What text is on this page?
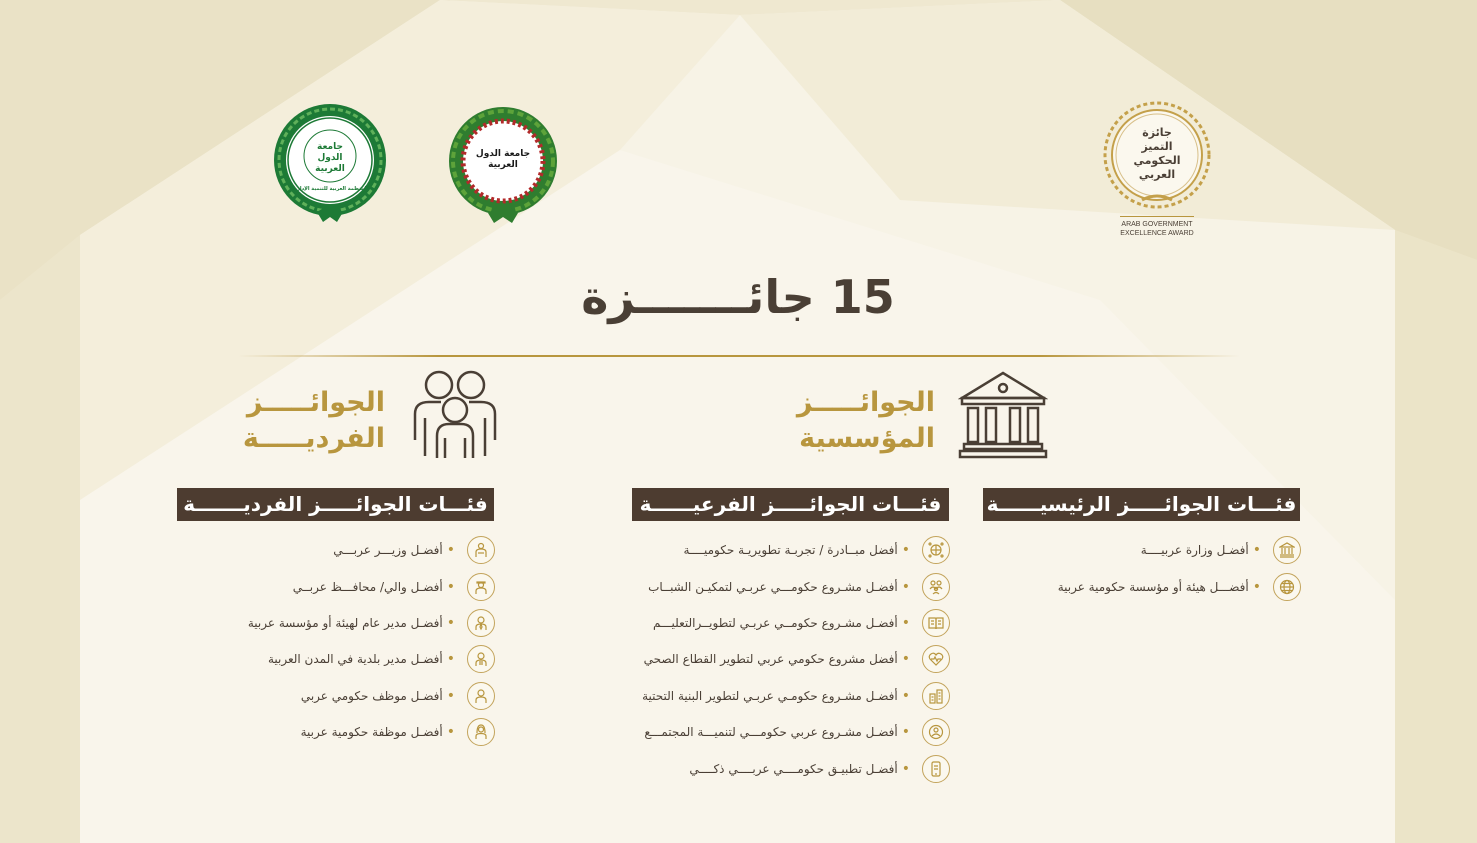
جائزة
التميز
الحكومي
العربي
ARAB GOVERNMENT
EXCELLENCE AWARD
جامعة الدول العربية
جامعة الدول العربية
المنظمة العربية للتنمية الإدارية
15 جائـــــــزة
الجوائـــــز
المؤسسية
الجوائـــــز
الفرديـــــة
فئـــات الجوائـــــز الرئيسيــــــة
فئـــات الجوائـــــز الفرعيــــــة
فئـــات الجوائـــــز الفرديـــــــة
•
أفضـل وزارة عربيــــة
•
أفضـــل هيئة أو مؤسسة حكومية عربية
•
أفضل مبــادرة / تجربـة تطويريـة حكوميــــة
•
أفضـل مشـروع حكومـــي عربـي لتمكيـن الشبــاب
•
أفضـل مشـروع حكومــي عربـي لتطويــرالتعليـــم
•
أفضل مشروع حكومي عربي لتطوير القطاع الصحي
•
أفضـل مشـروع حكومـي عربـي لتطوير البنية التحتية
•
أفضـل مشـروع عربي حكومـــي لتنميـــة المجتمـــع
•
أفضـل تطبيـق حكومــــي عربــــي ذكــــي
•
أفضـل وزيـــر عربـــي
•
أفضـل والي/ محافـــظ عربــي
•
أفضـل مدير عام لهيئة أو مؤسسة عربية
•
أفضـل مدير بلدية في المدن العربية
•
أفضـل موظف حكومي عربي
•
أفضـل موظفة حكومية عربية
